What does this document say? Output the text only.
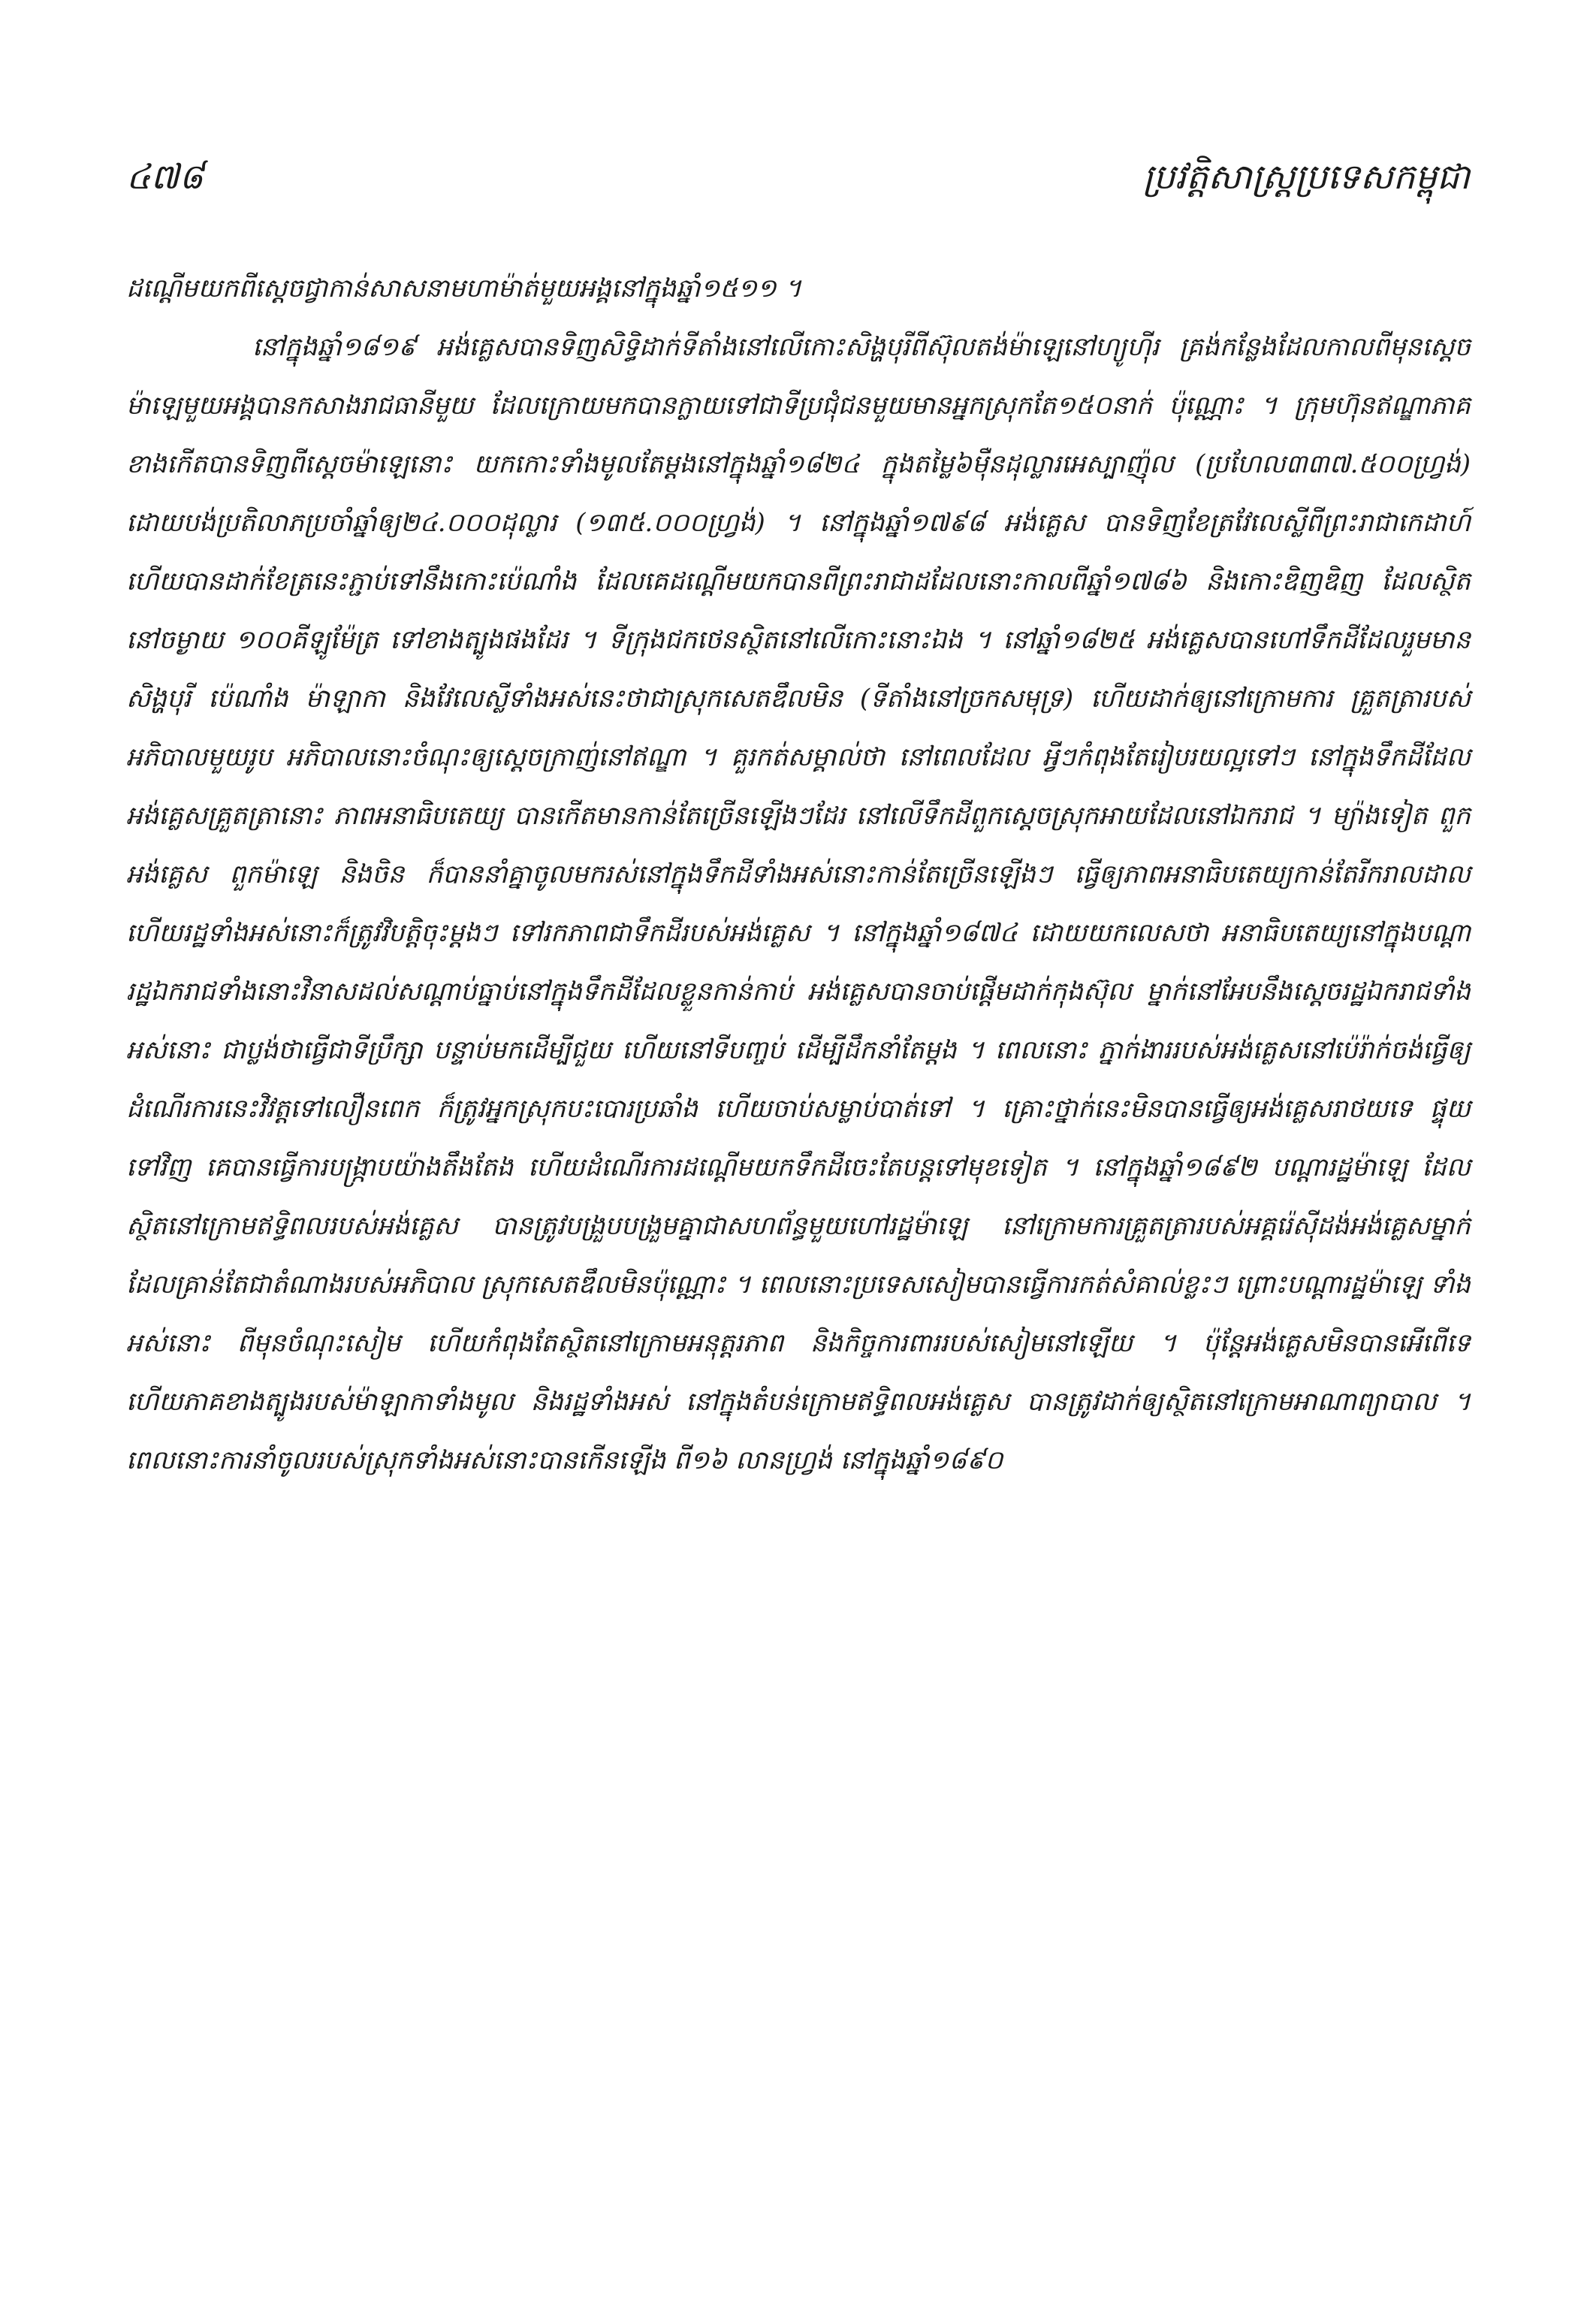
៤៧៨	ប្រវត្តិសាស្ត្រប្រទេសកម្ពុជា

ដណ្ដើមយកពីស្ដេចជ្វាកាន់សាសនាមហាម៉ាត់មួយអង្គនៅក្នុងឆ្នាំ១៥១១ ។

នៅក្នុងឆ្នាំ១៨១៩ អង់គ្លេសបានទិញសិទ្ធិដាក់ទីតាំងនៅលើកោះសិង្ហបុរីពីស៊ុលតង់ម៉ាឡេនៅហ្យូហ៊ីរ គ្រង់កន្លែងដែលកាលពីមុនស្ដេចម៉ាឡេមួយអង្គបានកសាងរាជធានីមួយ ដែលក្រោយមកបានក្លាយទៅជាទីប្រជុំជនមួយមានអ្នកស្រុកតែ១៥០នាក់ ប៉ុណ្ណោះ ។ ក្រុមហ៊ុនឥណ្ឌាភាគខាងកើតបានទិញពីស្ដេចម៉ាឡេនោះ យកកោះទាំងមូលតែម្ដងនៅក្នុងឆ្នាំ១៨២៤ ក្នុងតម្លៃ៦ម៉ឺនដុល្លារអេស្បាញ៉ុល (ប្រហែល៣៣៧.៥០០ហ្វ្រង់) ដោយបង់ប្រតិលាភប្រចាំឆ្នាំឲ្យ២៤.០០០ដុល្លារ (១៣៥.០០០ហ្វ្រង់) ។ នៅក្នុងឆ្នាំ១៧៩៨ អង់គ្លេស បានទិញខែត្រវែលេស្លីពីព្រះរាជាកេដាហ៍ ហើយបានដាក់ខែត្រនេះភ្ជាប់ទៅនឹងកោះប៉េណាំង ដែលគេដណ្ដើមយកបានពីព្រះរាជាដដែលនោះកាលពីឆ្នាំ១៧៨៦ និងកោះឌិញឌិញ ដែលស្ថិតនៅចម្ងាយ ១០០គីឡូម៉ែត្រ ទៅខាងត្បូងផងដែរ ។ ទីក្រុងជកថេនស្ថិតនៅលើកោះនោះឯង ។ នៅឆ្នាំ១៨២៥ អង់គ្លេសបានហៅទឹកដីដែលរួមមាន សិង្ហបុរី ប៉េណាំង ម៉ាឡាកា និងវែលេស្លីទាំងអស់នេះថាជាស្រុកសេតឌឹលមិន (ទីតាំងនៅច្រកសមុទ្រ) ហើយដាក់ឲ្យនៅក្រោមការ គ្រួតត្រារបស់អភិបាលមួយរូប អភិបាលនោះចំណុះឲ្យស្ដេចក្រាញ់នៅឥណ្ឌា ។ គួរកត់សម្គាល់ថា នៅពេលដែល អ្វីៗកំពុងតែរៀបរយល្អទៅៗ នៅក្នុងទឹកដីដែលអង់គ្លេសគ្រួតត្រានោះ ភាពអនាធិបតេយ្យ បានកើតមានកាន់តែច្រើនឡើងៗដែរ នៅលើទឹកដីពួកស្ដេចស្រុកអាយដែលនៅឯករាជ ។ ម្យ៉ាងទៀត ពួកអង់គ្លេស ពួកម៉ាឡេ និងចិន ក៏បាននាំគ្នាចូលមករស់នៅក្នុងទឹកដីទាំងអស់នោះកាន់តែច្រើនឡើងៗ ធ្វើឲ្យភាពអនាធិបតេយ្យកាន់តែរីករាលដាល ហើយរដ្ឋទាំងអស់នោះក៏ត្រូវវិបត្តិចុះម្ដងៗ ទៅរកភាពជាទឹកដីរបស់អង់គ្លេស ។ នៅក្នុងឆ្នាំ១៨៧៤ ដោយយកលេសថា អនាធិបតេយ្យនៅក្នុងបណ្ដារដ្ឋឯករាជទាំងនោះវិនាសដល់សណ្ដាប់ធ្នាប់នៅក្នុងទឹកដីដែលខ្លួនកាន់កាប់ អង់គ្លេសបានចាប់ផ្ដើមដាក់កុងស៊ុល ម្នាក់នៅអែបនឹងស្ដេចរដ្ឋឯករាជទាំងអស់នោះ ជាប្លង់ថាធ្វើជាទីប្រឹក្សា បន្ទាប់មកដើម្បីជួយ ហើយនៅទីបញ្ចប់ ដើម្បីដឹកនាំតែម្ដង ។ ពេលនោះ ភ្នាក់ងាររបស់អង់គ្លេសនៅប៉េរ៉ាក់ចង់ធ្វើឲ្យដំណើរការនេះវិវត្តទៅលឿនពេក ក៏ត្រូវអ្នកស្រុកបះបោរប្រឆាំង ហើយចាប់សម្លាប់បាត់ទៅ ។ គ្រោះថ្នាក់នេះមិនបានធ្វើឲ្យអង់គ្លេសរាថយទេ ផ្ទុយទៅវិញ គេបានធ្វើការបង្ក្រាបយ៉ាងតឹងតែង ហើយដំណើរការដណ្ដើមយកទឹកដីចេះតែបន្តទៅមុខទៀត ។ នៅក្នុងឆ្នាំ១៨៩២ បណ្ដារដ្ឋម៉ាឡេ ដែលស្ថិតនៅក្រោមឥទ្ធិពលរបស់អង់គ្លេស បានត្រូវបង្រួបបង្រួមគ្នាជាសហព័ន្ធមួយហៅរដ្ឋម៉ាឡេ នៅក្រោមការគ្រួតត្រារបស់អគ្គរ៉េស៊ីដង់អង់គ្លេសម្នាក់ ដែលគ្រាន់តែជាតំណាងរបស់អភិបាល ស្រុកសេតឌឹលមិនប៉ុណ្ណោះ ។ ពេលនោះប្រទេសសៀមបានធ្វើការកត់សំគាល់ខ្លះៗ ព្រោះបណ្ដារដ្ឋម៉ាឡេ ទាំងអស់នោះ ពីមុនចំណុះសៀម ហើយកំពុងតែស្ថិតនៅក្រោមអនុត្តរភាព និងកិច្ចការពាររបស់សៀមនៅឡើយ ។ ប៉ុន្តែអង់គ្លេសមិនបានអើពើទេ ហើយភាគខាងត្បូងរបស់ម៉ាឡាកាទាំងមូល និងរដ្ឋទាំងអស់ នៅក្នុងតំបន់ក្រោមឥទ្ធិពលអង់គ្លេស បានត្រូវដាក់ឲ្យស្ថិតនៅក្រោមអាណាព្យាបាល ។ ពេលនោះការនាំចូលរបស់ស្រុកទាំងអស់នោះបានកើនឡើង ពី១៦ លានហ្វ្រង់ នៅក្នុងឆ្នាំ១៨៩០
